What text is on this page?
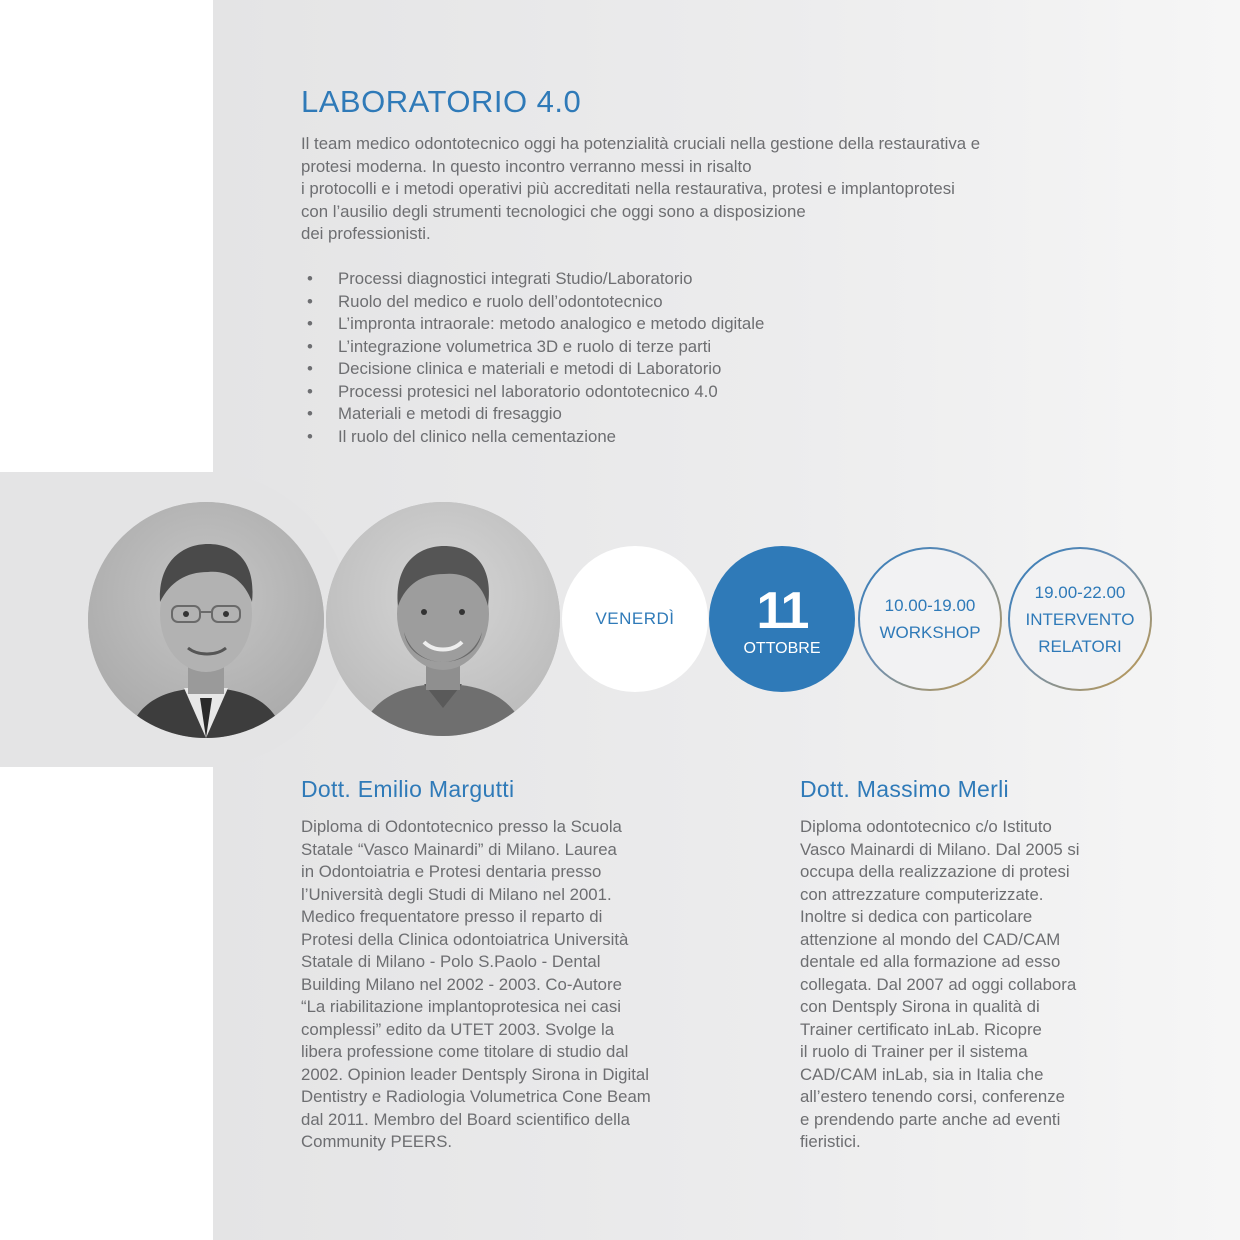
LABORATORIO 4.0
Il team medico odontotecnico oggi ha potenzialità cruciali nella gestione della restaurativa e
protesi moderna. In questo incontro verranno messi in risalto
i protocolli e i metodi operativi più accreditati nella restaurativa, protesi e implantoprotesi
con l’ausilio degli strumenti tecnologici che oggi sono a disposizione
dei professionisti.
• Processi diagnostici integrati Studio/Laboratorio
• Ruolo del medico e ruolo dell’odontotecnico
• L’impronta intraorale: metodo analogico e metodo digitale
• L’integrazione volumetrica 3D e ruolo di terze parti
• Decisione clinica e materiali e metodi di Laboratorio
• Processi protesici nel laboratorio odontotecnico 4.0
• Materiali e metodi di fresaggio
• Il ruolo del clinico nella cementazione
VENERDÌ 11
OTTOBRE
10.00-19.00
WORKSHOP
19.00-22.00
INTERVENTO
RELATORI
Dott. Emilio Margutti
Diploma di Odontotecnico presso la Scuola
Statale “Vasco Mainardi” di Milano. Laurea
in Odontoiatria e Protesi dentaria presso
l’Università degli Studi di Milano nel 2001.
Medico frequentatore presso il reparto di
Protesi della Clinica odontoiatrica Università
Statale di Milano - Polo S.Paolo - Dental
Building Milano nel 2002 - 2003. Co-Autore
“La riabilitazione implantoprotesica nei casi
complessi” edito da UTET 2003. Svolge la
libera professione come titolare di studio dal
2002. Opinion leader Dentsply Sirona in Digital
Dentistry e Radiologia Volumetrica Cone Beam
dal 2011. Membro del Board scientifico della
Community PEERS.
Dott. Massimo Merli
Diploma odontotecnico c/o Istituto
Vasco Mainardi di Milano. Dal 2005 si
occupa della realizzazione di protesi
con attrezzature computerizzate.
Inoltre si dedica con particolare
attenzione al mondo del CAD/CAM
dentale ed alla formazione ad esso
collegata. Dal 2007 ad oggi collabora
con Dentsply Sirona in qualità di
Trainer certificato inLab. Ricopre
il ruolo di Trainer per il sistema
CAD/CAM inLab, sia in Italia che
all’estero tenendo corsi, conferenze
e prendendo parte anche ad eventi
fieristici.
